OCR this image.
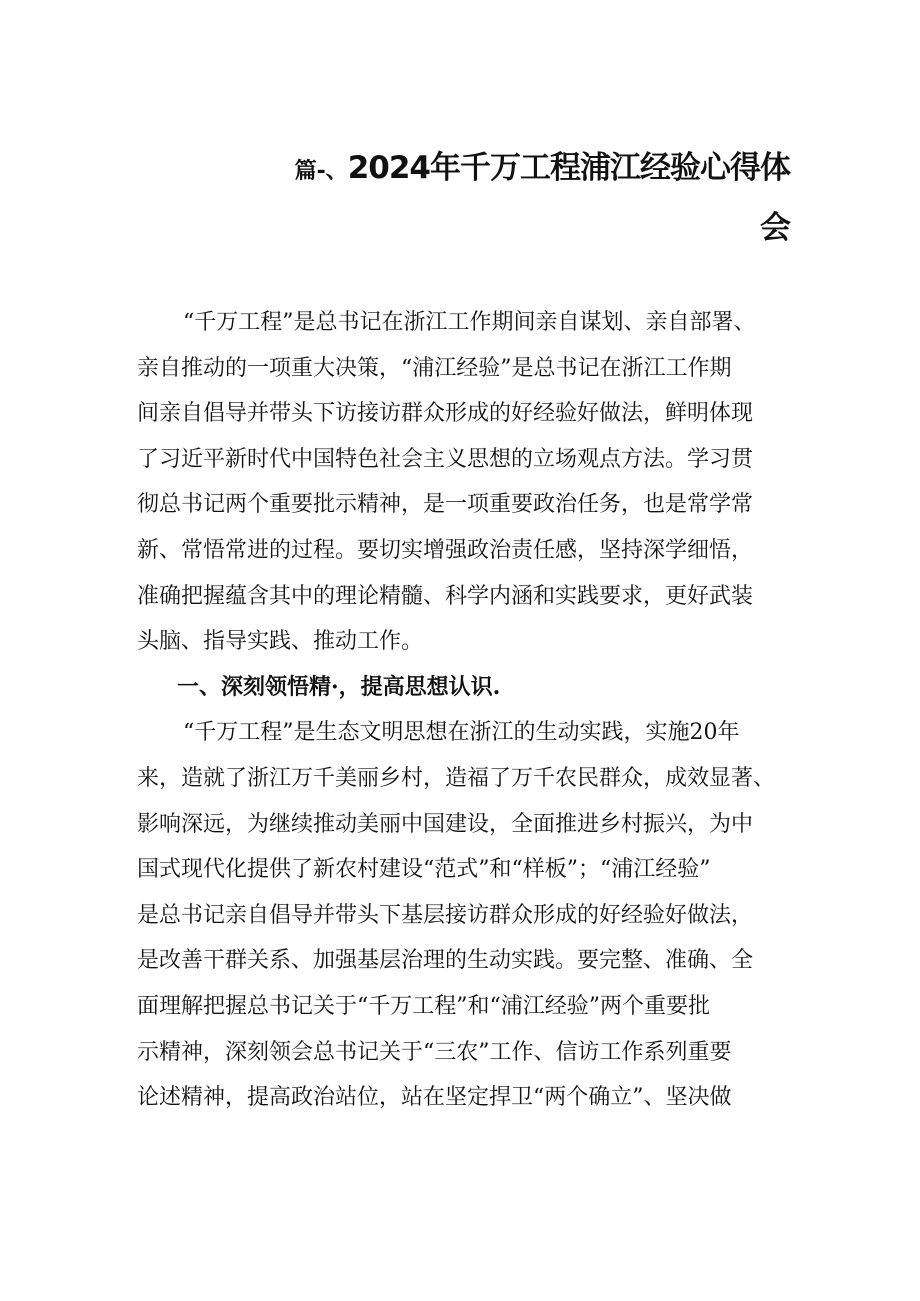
篇-、2024年千万工程浦江经验心得体
会
“千万工程”是总书记在浙江工作期间亲自谋划、亲自部署、
亲自推动的一项重大决策，“浦江经验”是总书记在浙江工作期
间亲自倡导并带头下访接访群众形成的好经验好做法，鲜明体现
了习近平新时代中国特色社会主义思想的立场观点方法。学习贯
彻总书记两个重要批示精神，是一项重要政治任务，也是常学常
新、常悟常进的过程。要切实增强政治责任感，坚持深学细悟，
准确把握蕴含其中的理论精髓、科学内涵和实践要求，更好武装
头脑、指导实践、推动工作。
一、深刻领悟精·，提高思想认识.
“千万工程”是生态文明思想在浙江的生动实践，实施20年
来，造就了浙江万千美丽乡村，造福了万千农民群众，成效显著、
影响深远，为继续推动美丽中国建设，全面推进乡村振兴，为中
国式现代化提供了新农村建设“范式”和“样板”；“浦江经验”
是总书记亲自倡导并带头下基层接访群众形成的好经验好做法，
是改善干群关系、加强基层治理的生动实践。要完整、准确、全
面理解把握总书记关于“千万工程”和“浦江经验”两个重要批
示精神，深刻领会总书记关于“三农”工作、信访工作系列重要
论述精神，提高政治站位，站在坚定捍卫“两个确立”、坚决做
